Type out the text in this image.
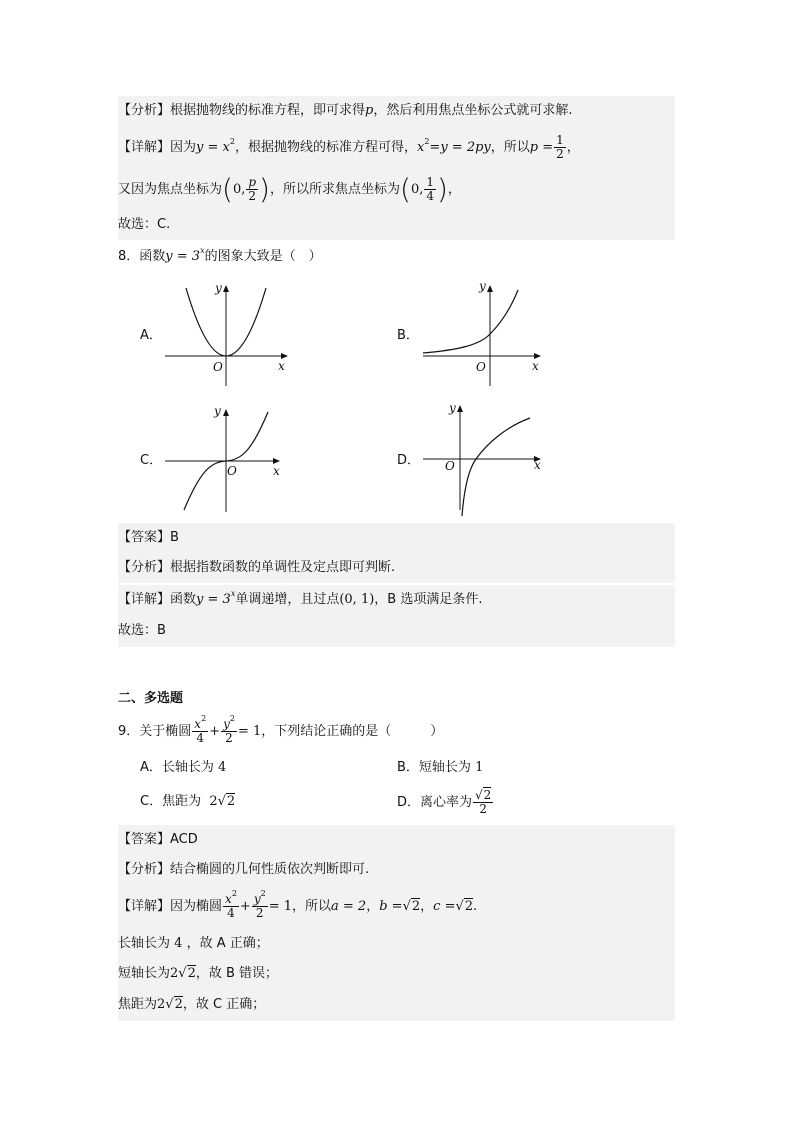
【分析】根据抛物线的标准方程，即可求得p，然后利用焦点坐标公式就可求解.
【详解】因为$y = x^2$，根据抛物线的标准方程可得，$x^2=y = 2py$，所以$p = \frac{1}{2}$ ，
又因为焦点坐标为(0, $\frac{p}{2}$ )，所以所求焦点坐标为(0, $\frac{1}{4}$ )，
故选：C.
8．函数$y = 3^x$的图象大致是（　）
A．	B．
C．	D．
x
y
O	x
y
O
x
y
O	x
y
O
【答案】B
【分析】根据指数函数的单调性及定点即可判断.
【详解】函数$y = 3^x$单调递增，且过点(0, 1)，B 选项满足条件.
故选：B
二、多选题
9．关于椭圆 $\frac{x^2}{4} + \frac{y^2}{2} = 1$，下列结论正确的是（　　　）
A．长轴长为 4	B．短轴长为 1
C．焦距为 2√2	D．离心率为 $\frac{√2}{2}$
【答案】ACD
【分析】结合椭圆的几何性质依次判断即可.
【详解】因为椭圆 $\frac{x^2}{4} + \frac{y^2}{2} = 1$，所以a = 2，b =√2，c =√2.
长轴长为 4 ，故 A 正确；
短轴长为2√2，故 B 错误；
焦距为2√2，故 C 正确；
